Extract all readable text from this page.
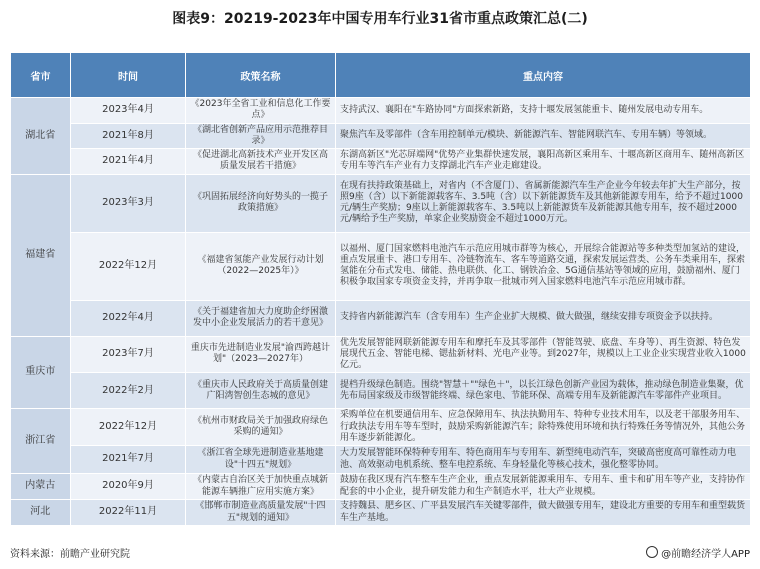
图表9：20219-2023年中国专用车行业31省市重点政策汇总(二)
省市	时间	政策名称	重点内容
湖北省	2023年4月	《2023年全省工业和信息化工作要点》	支持武汉、襄阳在"车路协同"方面探索新路，支持十堰发展氢能重卡、随州发展电动专用车。
	2021年8月	《湖北省创新产品应用示范推荐目录》	聚焦汽车及零部件（含车用控制单元/模块、新能源汽车、智能网联汽车、专用车辆）等领域。
	2021年4月	《促进湖北高新技术产业开发区高质量发展若干措施》	东湖高新区"光芯屏端网"优势产业集群快速发展，襄阳高新区乘用车、十堰高新区商用车、随州高新区专用车等汽车产业有力支撑湖北汽车产业走廊建设。
福建省	2023年3月	《巩固拓展经济向好势头的一揽子政策措施》	在现有扶持政策基础上，对省内（不含厦门）、省属新能源汽车生产企业今年较去年扩大生产部分，按照9座（含）以下新能源载客车、3.5吨（含）以下新能源货车及其他新能源专用车，给予不超过1000元/辆生产奖励；9座以上新能源载客车、3.5吨以上新能源货车及新能源其他专用车，按不超过2000元/辆给予生产奖励，单家企业奖励资金不超过1000万元。
	2022年12月	《福建省氢能产业发展行动计划（2022—2025年）》	以福州、厦门国家燃料电池汽车示范应用城市群等为核心，开展综合能源站等多种类型加氢站的建设，重点发展重卡、港口专用车、冷链物流车、客车等道路交通，探索发展运营类、公务车类乘用车，探索氢能在分布式发电、储能、热电联供、化工、钢铁冶金、5G通信基站等领域的应用，鼓励福州、厦门积极争取国家专项资金支持，并再争取一批城市列入国家燃料电池汽车示范应用城市群。
	2022年4月	《关于福建省加大力度助企纾困激发中小企业发展活力的若干意见》	支持省内新能源汽车（含专用车）生产企业扩大规模、做大做强，继续安排专项资金予以扶持。
重庆市	2023年7月	重庆市先进制造业发展"渝西跨越计划"（2023—2027年）	优先发展智能网联新能源专用车和摩托车及其零部件（智能驾驶、底盘、车身等）、再生资源、特色发展现代五金、智能电梯、锶盐新材料、光电产业等。到2027年，规模以上工业企业实现营业收入1000亿元。
	2022年2月	《重庆市人民政府关于高质量创建广阳湾智创生态城的意见》	提档升级绿色制造。围绕"智慧＋""绿色＋"，以长江绿色创新产业园为载体，推动绿色制造业集聚，优先布局国家级及市级智能终端、绿色家电、节能环保、高端专用车及新能源汽车零部件产业项目。
浙江省	2022年12月	《杭州市财政局关于加强政府绿色采购的通知》	采购单位在机要通信用车、应急保障用车、执法执勤用车、特种专业技术用车，以及老干部服务用车、行政执法专用车等车型时，鼓励采购新能源汽车；除特殊使用环境和执行特殊任务等情况外，其他公务用车逐步新能源化。
	2021年7月	《浙江省全球先进制造业基地建设"十四五"规划》	大力发展智能环保特种专用车、特色商用车与专用车、新型纯电动汽车，突破高密度高可靠性动力电池、高效驱动电机系统、整车电控系统、车身轻量化等核心技术，强化整零协同。
内蒙古	2020年9月	《内蒙古自治区关于加快重点城新能源车辆推广应用实施方案》	鼓励在我区现有汽车整车生产企业，重点发展新能源乘用车、专用车、重卡和矿用车等产业，支持协作配套的中小企业，提升研发能力和生产制造水平，壮大产业规模。
河北	2022年11月	《邯郸市制造业高质量发展"十四五"规划的通知》	支持魏县、肥乡区、广平县发展汽车关键零部件，做大做强专用车，建设北方重要的专用车和重型载货车生产基地。
资料来源：前瞻产业研究院	@前瞻经济学人APP
